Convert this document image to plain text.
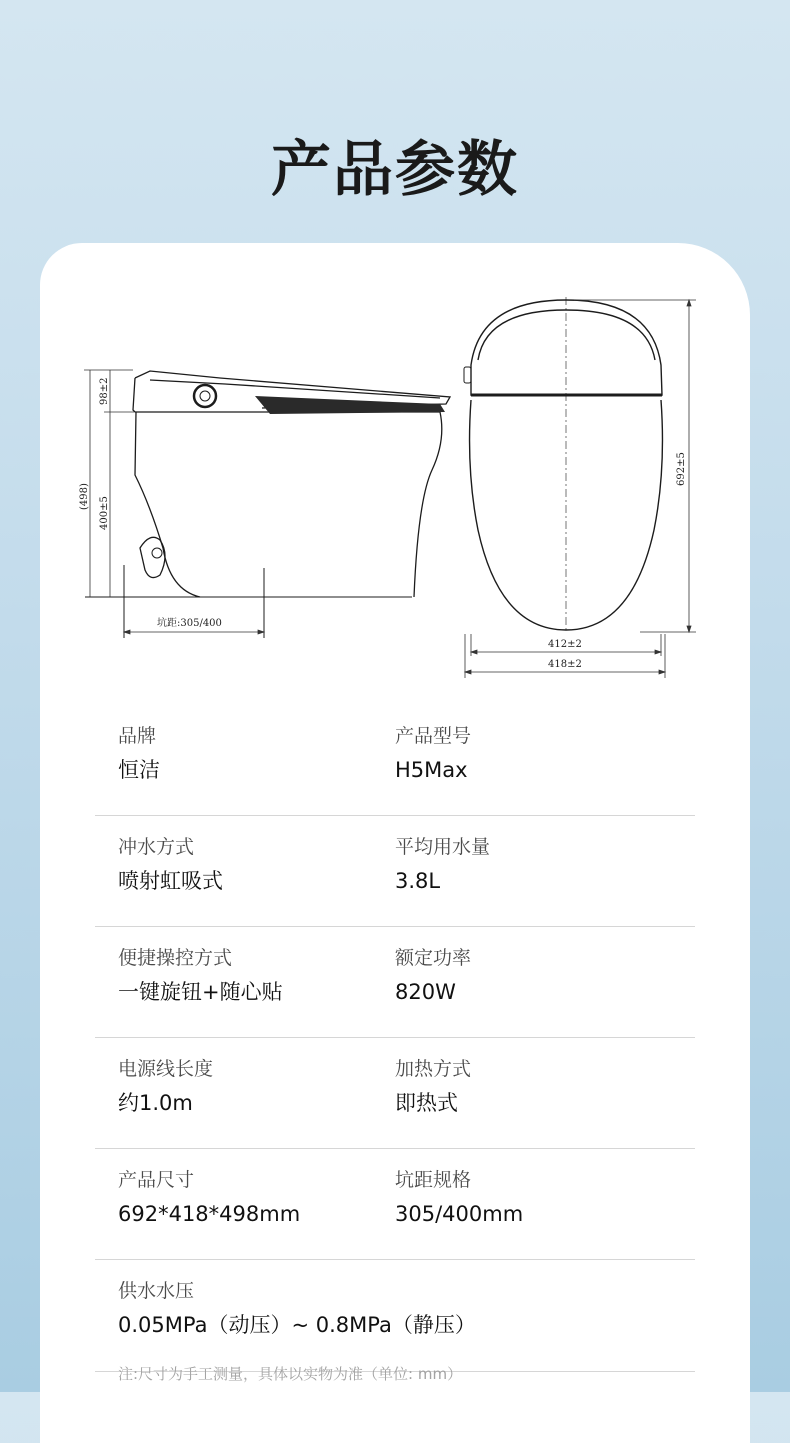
产品参数
(498) 400±5
98±2
坑距:305/400
692±5
412±2
418±2
品牌
恒洁
产品型号
H5Max
冲水方式
喷射虹吸式
平均用水量
3.8L
便捷操控方式
一键旋钮+随心贴
额定功率
820W
电源线长度
约1.0m
加热方式
即热式
产品尺寸
692*418*498mm
坑距规格
305/400mm
供水水压
0.05MPa（动压）~ 0.8MPa（静压）
注:尺寸为手工测量，具体以实物为准（单位: mm）
